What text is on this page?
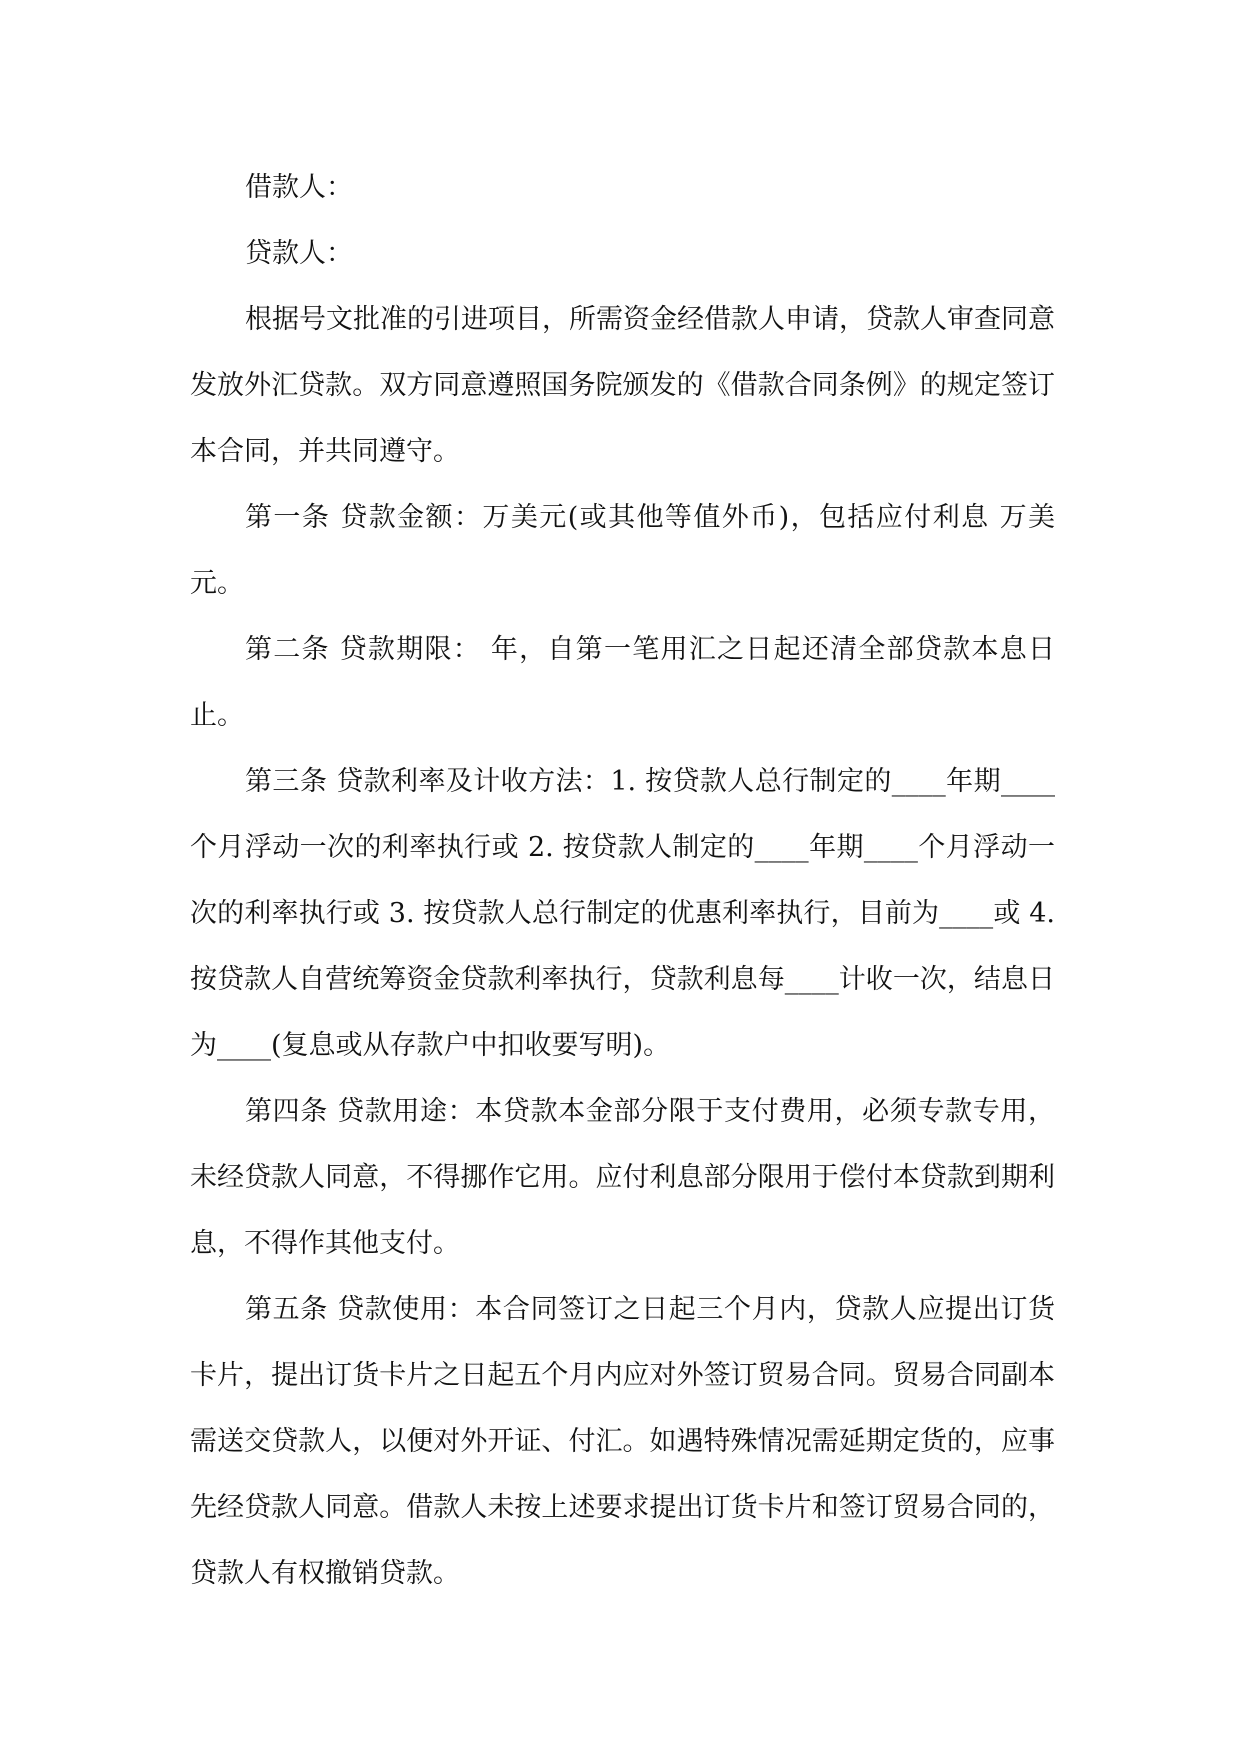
借款人：

贷款人：

根据号文批准的引进项目，所需资金经借款人申请，贷款人审查同意发放外汇贷款。双方同意遵照国务院颁发的《借款合同条例》的规定签订本合同，并共同遵守。

第一条 贷款金额：万美元(或其他等值外币)，包括应付利息 万美元。

第二条 贷款期限： 年，自第一笔用汇之日起还清全部贷款本息日止。

第三条 贷款利率及计收方法：1. 按贷款人总行制定的____年期____个月浮动一次的利率执行或 2. 按贷款人制定的____年期____个月浮动一次的利率执行或 3. 按贷款人总行制定的优惠利率执行，目前为____或 4. 按贷款人自营统筹资金贷款利率执行，贷款利息每____计收一次，结息日为____(复息或从存款户中扣收要写明)。

第四条 贷款用途：本贷款本金部分限于支付费用，必须专款专用，未经贷款人同意，不得挪作它用。应付利息部分限用于偿付本贷款到期利息，不得作其他支付。

第五条 贷款使用：本合同签订之日起三个月内，贷款人应提出订货卡片，提出订货卡片之日起五个月内应对外签订贸易合同。贸易合同副本需送交贷款人，以便对外开证、付汇。如遇特殊情况需延期定货的，应事先经贷款人同意。借款人未按上述要求提出订货卡片和签订贸易合同的，贷款人有权撤销贷款。
